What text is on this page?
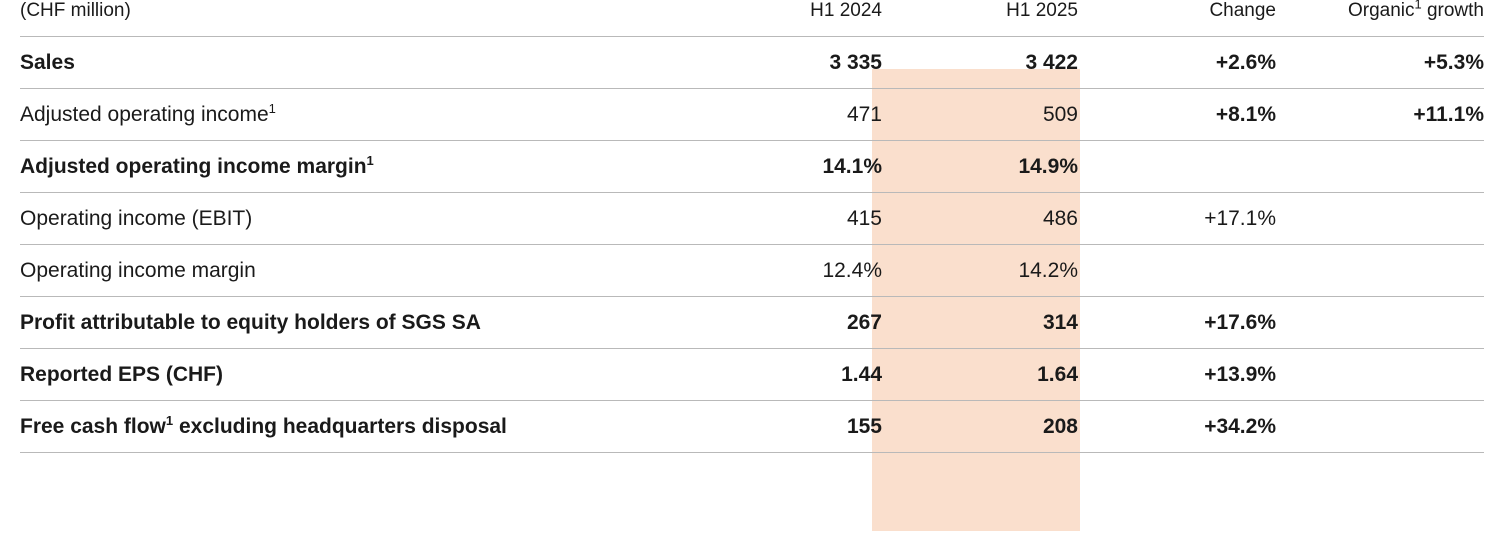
(CHF million)	H1 2024		H1 2025	Change	Organic$^1$ growth
Sales	3 335		3 422	+2.6%	+5.3%
Adjusted operating income$^1$	471		509	+8.1%	+11.1%
Adjusted operating income margin$^1$	14.1%		14.9%		
Operating income (EBIT)	415		486	+17.1%	
Operating income margin	12.4%		14.2%		
Profit attributable to equity holders of SGS SA	267		314	+17.6%	
Reported EPS (CHF)	1.44		1.64	+13.9%	
Free cash flow$^1$ excluding headquarters disposal	155		208	+34.2%	
